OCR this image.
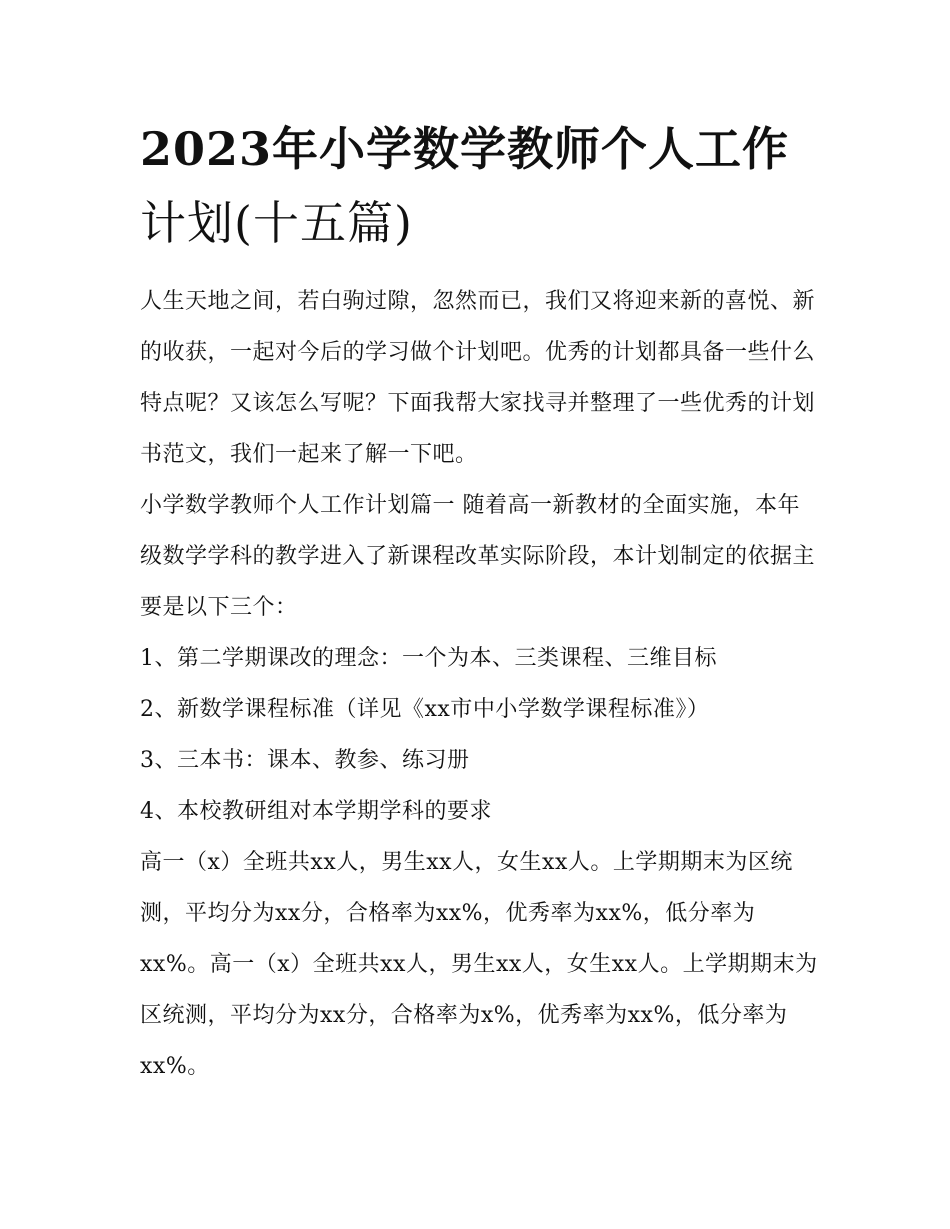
2023年小学数学教师个人工作
计划(十五篇)

人生天地之间，若白驹过隙，忽然而已，我们又将迎来新的喜悦、新的收获，一起对今后的学习做个计划吧。优秀的计划都具备一些什么特点呢？又该怎么写呢？下面我帮大家找寻并整理了一些优秀的计划书范文，我们一起来了解一下吧。

小学数学教师个人工作计划篇一 随着高一新教材的全面实施，本年级数学学科的教学进入了新课程改革实际阶段，本计划制定的依据主要是以下三个：

1、第二学期课改的理念：一个为本、三类课程、三维目标

2、新数学课程标准（详见《xx市中小学数学课程标准》）

3、三本书：课本、教参、练习册

4、本校教研组对本学期学科的要求

高一（x）全班共xx人，男生xx人，女生xx人。上学期期末为区统测，平均分为xx分，合格率为xx%，优秀率为xx%，低分率为xx%。高一（x）全班共xx人，男生xx人，女生xx人。上学期期末为区统测，平均分为xx分，合格率为x%，优秀率为xx%，低分率为xx%。
